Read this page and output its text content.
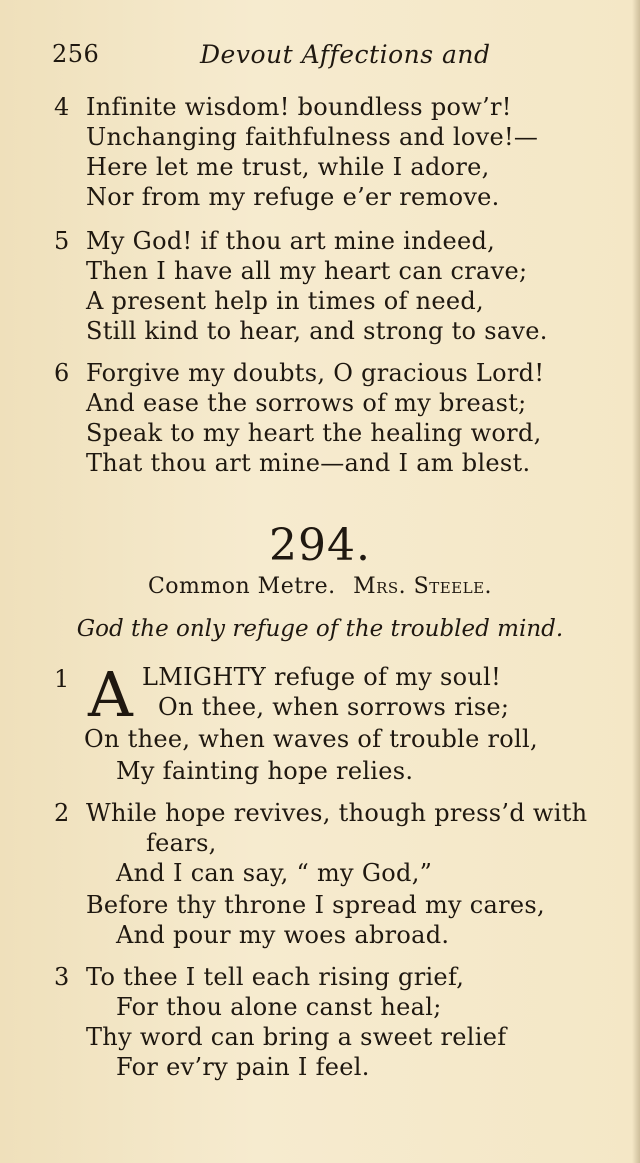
256	Devout Affections and
4 Infinite wisdom! boundless pow’r!
Unchanging faithfulness and love!—
Here let me trust, while I adore,
Nor from my refuge e’er remove.
5 My God! if thou art mine indeed,
Then I have all my heart can crave;
A present help in times of need,
Still kind to hear, and strong to save.
6 Forgive my doubts, O gracious Lord!
And ease the sorrows of my breast;
Speak to my heart the healing word,
That thou art mine—and I am blest.
294.
Common Metre. Mrs. Steele.
God the only refuge of the troubled mind.
1 A LMIGHTY refuge of my soul!
On thee, when sorrows rise;
On thee, when waves of trouble roll,
My fainting hope relies.
2 While hope revives, though press’d with
fears,
And I can say, “ my God,”
Before thy throne I spread my cares,
And pour my woes abroad.
3 To thee I tell each rising grief,
For thou alone canst heal;
Thy word can bring a sweet relief
For ev’ry pain I feel.
